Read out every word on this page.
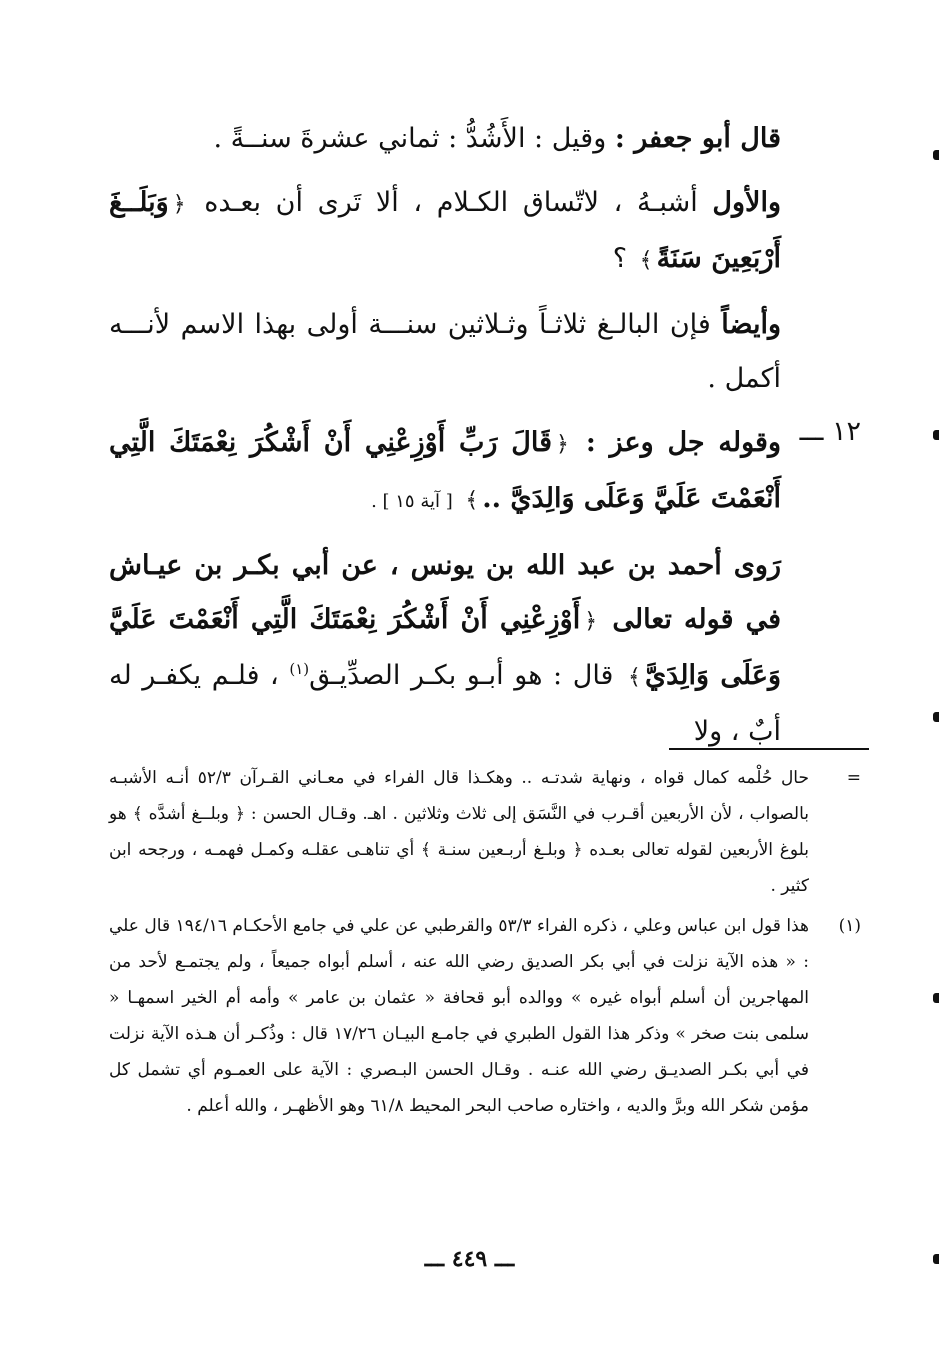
قال أبو جعفر : وقيل : الأَشُدُّ : ثماني عشرةَ سنــةً .

والأول أشبـهُ ، لاتّساق الكـلام ، ألا تَرى أن بعـده ﴿وَبَلَــغَ أَرْبَعِينَ سَنَةً﴾ ؟

وأيضاً فإن البالـغ ثلاثـاً وثـلاثين سنـــة أولى بهذا الاسم لأنـــه أكمل .

وقوله جل وعز : ﴿قَالَ رَبِّ أَوْزِعْنِي أَنْ أَشْكُرَ نِعْمَتَكَ الَّتِي أَنْعَمْتَ عَلَيَّ وَعَلَى وَالِدَيَّ ..﴾ [ آية ١٥ ] .

رَوى أحمد بن عبد الله بن يونس ، عن أبي بكـر بن عيـاش في قوله تعالى ﴿أَوْزِعْنِي أَنْ أَشْكُرَ نِعْمَتَكَ الَّتِي أَنْعَمْتَ عَلَيَّ وَعَلَى وَالِدَيَّ﴾ قال : هو أبـو بكـر الصدِّيـق$^{(١)}$ ، فلـم يكفـر له أبٌ ، ولا

١٢ ـــ
=
حال حُلْمه كمال قواه ، ونهاية شدتـه .. وهكـذا قال الفراء في معـاني القـرآن ٥٢/٣ أنـه الأشبـه بالصواب ، لأن الأربعين أقـرب في النَّسَق إلى ثلاث وثلاثين . اهـ. وقـال الحسن : ﴿ وبلــغ أشدَّه ﴾ هو بلوغ الأربعين لقوله تعالى بعـده ﴿ وبلـغ أربـعين سنـة ﴾ أي تناهـى عقلـه وكمـل فهمـه ، ورجحه ابن كثير .
(١)
هذا قول ابن عباس وعلي ، ذكره الفراء ٥٣/٣ والقرطبي عن علي في جامع الأحكـام ١٩٤/١٦ قال علي : « هذه الآية نزلت في أبي بكر الصديق رضي الله عنه ، أسلم أبواه جميعاً ، ولم يجتمـع لأحد من المهاجرين أن أسلم أبواه غيره » ووالده أبو قحافة « عثمان بن عامر » وأمه أم الخير اسمهـا « سلمى بنت صخر » وذكر هذا القول الطبري في جامـع البيـان ١٧/٢٦ قال : وذُكـر أن هـذه الآية نزلت في أبي بكـر الصديـق رضي الله عنـه . وقـال الحسن البـصري : الآية على العمـوم أي تشمل كل مؤمن شكر الله وبرَّ والديه ، واختاره صاحب البحر المحيط ٦١/٨ وهو الأظهـر ، والله أعلم .
ـــ ٤٤٩ ـــ
